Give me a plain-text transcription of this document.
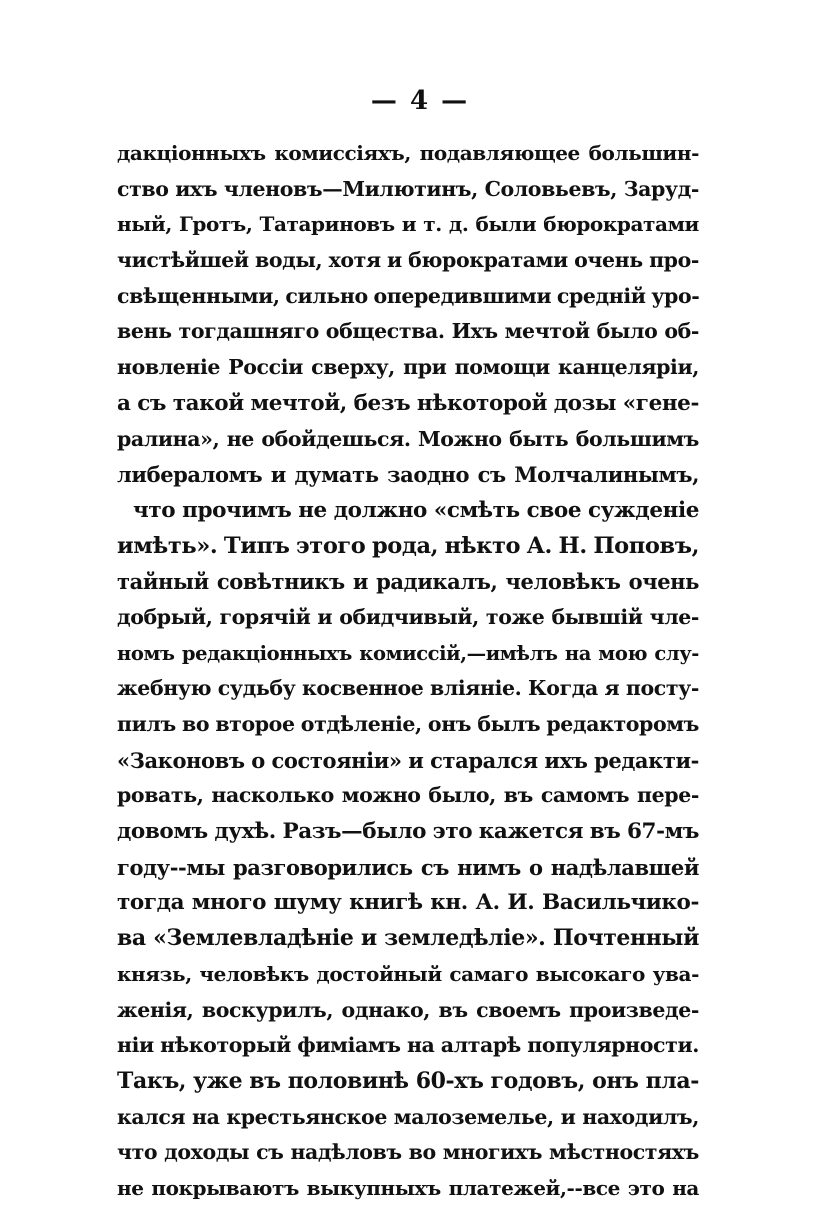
— 4 —
дакціонныхъ комиссіяхъ, подавляющее большин-
ство ихъ членовъ—Милютинъ, Соловьевъ, Заруд-
ный, Гротъ, Татариновъ и т. д. были бюрократами
чистѣйшей воды, хотя и бюрократами очень про-
свѣщенными, сильно опередившими среднiй уро-
вень тогдашняго общества. Ихъ мечтой было об-
новленіе Россіи сверху, при помощи канцеляріи,
а съ такой мечтой, безъ нѣкоторой дозы «гене-
ралина», не обойдешься. Можно быть большимъ
либераломъ и думать заодно съ Молчалинымъ,
что прочимъ не должно «смѣть свое сужденіе
имѣть». Типъ этого рода, нѣкто А. Н. Поповъ,
тайный совѣтникъ и радикалъ, человѣкъ очень
добрый, горячій и обидчивый, тоже бывшiй чле-
номъ редакціонныхъ комиссій,—имѣлъ на мою слу-
жебную судьбу косвенное вліяніе. Когда я посту-
пилъ во второе отдѣленіе, онъ былъ редакторомъ
«Законовъ о состояніи» и старался ихъ редакти-
ровать, насколько можно было, въ самомъ пере-
довомъ духѣ. Разъ—было это кажется въ 67-мъ
году--мы разговорились съ нимъ о надѣлавшей
тогда много шуму книгѣ кн. А. И. Васильчико-
ва «Землевладѣніе и земледѣліе». Почтенный
князь, человѣкъ достойный самаго высокаго ува-
женія, воскурилъ, однако, въ своемъ произведе-
ніи нѣкоторый фиміамъ на алтарѣ популярности.
Такъ, уже въ половинѣ 60-хъ годовъ, онъ пла-
кался на крестьянское малоземелье, и находилъ,
что доходы съ надѣловъ во многихъ мѣстностяхъ
не покрываютъ выкупныхъ платежей,--все это на
